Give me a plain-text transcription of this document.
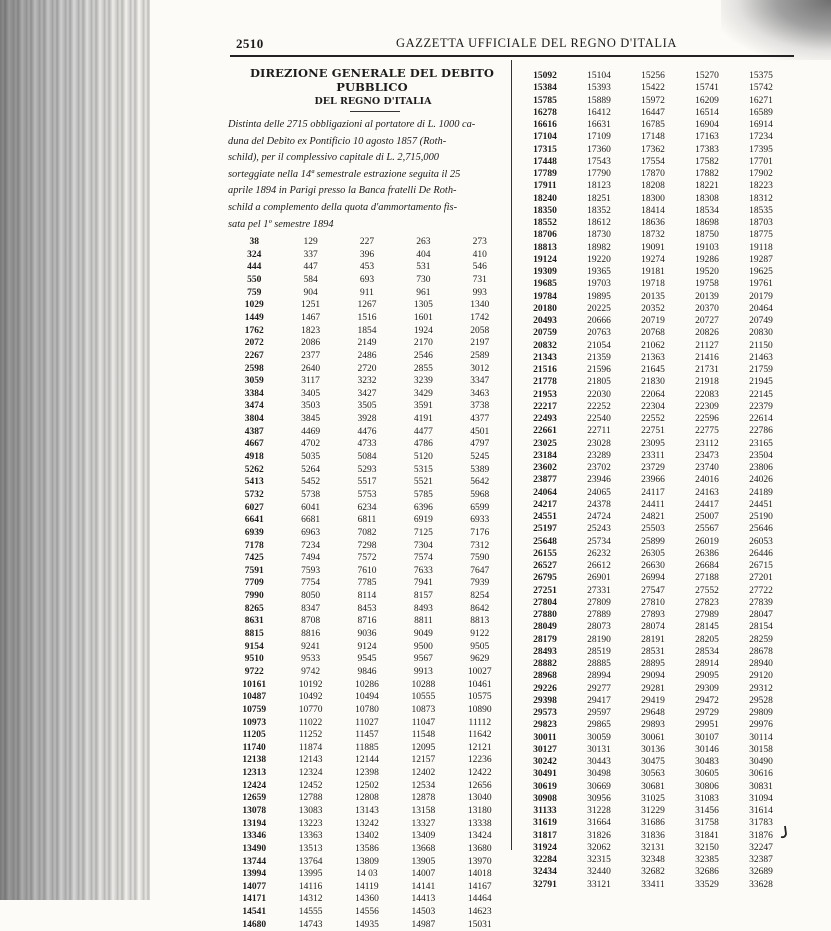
2510	GAZZETTA UFFICIALE DEL REGNO D'ITALIA
DIREZIONE GENERALE DEL DEBITO PUBBLICO
DEL REGNO D'ITALIA
Distinta delle 2715 obbligazioni al portatore di L. 1000 ca-
duna del Debito ex Pontificio 10 agosto 1857 (Roth-
schild), per il complessivo capitale di L. 2,715,000
sorteggiate nella 14ª semestrale estrazione seguita il 25
aprile 1894 in Parigi presso la Banca fratelli De Roth-
schild a complemento della quota d'ammortamento fis-
sata pel 1º semestre 1894
38	129	227	263	273
324	337	396	404	410
444	447	453	531	546
550	584	693	730	731
759	904	911	961	993
1029	1251	1267	1305	1340
1449	1467	1516	1601	1742
1762	1823	1854	1924	2058
2072	2086	2149	2170	2197
2267	2377	2486	2546	2589
2598	2640	2720	2855	3012
3059	3117	3232	3239	3347
3384	3405	3427	3429	3463
3474	3503	3505	3591	3738
3804	3845	3928	4191	4377
4387	4469	4476	4477	4501
4667	4702	4733	4786	4797
4918	5035	5084	5120	5245
5262	5264	5293	5315	5389
5413	5452	5517	5521	5642
5732	5738	5753	5785	5968
6027	6041	6234	6396	6599
6641	6681	6811	6919	6933
6939	6963	7082	7125	7176
7178	7234	7298	7304	7312
7425	7494	7572	7574	7590
7591	7593	7610	7633	7647
7709	7754	7785	7941	7939
7990	8050	8114	8157	8254
8265	8347	8453	8493	8642
8631	8708	8716	8811	8813
8815	8816	9036	9049	9122
9154	9241	9124	9500	9505
9510	9533	9545	9567	9629
9722	9742	9846	9913	10027
10161	10192	10286	10288	10461
10487	10492	10494	10555	10575
10759	10770	10780	10873	10890
10973	11022	11027	11047	11112
11205	11252	11457	11548	11642
11740	11874	11885	12095	12121
12138	12143	12144	12157	12236
12313	12324	12398	12402	12422
12424	12452	12502	12534	12656
12659	12788	12808	12878	13040
13078	13083	13143	13158	13180
13194	13223	13242	13327	13338
13346	13363	13402	13409	13424
13490	13513	13586	13668	13680
13744	13764	13809	13905	13970
13994	13995	14 03	14007	14018
14077	14116	14119	14141	14167
14171	14312	14360	14413	14464
14541	14555	14556	14503	14623
14680	14743	14935	14987	15031
15092	15104	15256	15270	15375
15384	15393	15422	15741	15742
15785	15889	15972	16209	16271
16278	16412	16447	16514	16589
16616	16631	16785	16904	16914
17104	17109	17148	17163	17234
17315	17360	17362	17383	17395
17448	17543	17554	17582	17701
17789	17790	17870	17882	17902
17911	18123	18208	18221	18223
18240	18251	18300	18308	18312
18350	18352	18414	18534	18535
18552	18612	18636	18698	18703
18706	18730	18732	18750	18775
18813	18982	19091	19103	19118
19124	19220	19274	19286	19287
19309	19365	19181	19520	19625
19685	19703	19718	19758	19761
19784	19895	20135	20139	20179
20180	20225	20352	20370	20464
20493	20666	20719	20727	20749
20759	20763	20768	20826	20830
20832	21054	21062	21127	21150
21343	21359	21363	21416	21463
21516	21596	21645	21731	21759
21778	21805	21830	21918	21945
21953	22030	22064	22083	22145
22217	22252	22304	22309	22379
22493	22540	22552	22596	22614
22661	22711	22751	22775	22786
23025	23028	23095	23112	23165
23184	23289	23311	23473	23504
23602	23702	23729	23740	23806
23877	23946	23966	24016	24026
24064	24065	24117	24163	24189
24217	24378	24411	24417	24451
24551	24724	24821	25007	25190
25197	25243	25503	25567	25646
25648	25734	25899	26019	26053
26155	26232	26305	26386	26446
26527	26612	26630	26684	26715
26795	26901	26994	27188	27201
27251	27331	27547	27552	27722
27804	27809	27810	27823	27839
27880	27889	27893	27989	28047
28049	28073	28074	28145	28154
28179	28190	28191	28205	28259
28493	28519	28531	28534	28678
28882	28885	28895	28914	28940
28968	28994	29094	29095	29120
29226	29277	29281	29309	29312
29398	29417	29419	29472	29528
29573	29597	29648	29729	29809
29823	29865	29893	29951	29976
30011	30059	30061	30107	30114
30127	30131	30136	30146	30158
30242	30443	30475	30483	30490
30491	30498	30563	30605	30616
30619	30669	30681	30806	30831
30908	30956	31025	31083	31094
31133	31228	31229	31456	31614
31619	31664	31686	31758	31783
31817	31826	31836	31841	31876
31924	32062	32131	32150	32247
32284	32315	32348	32385	32387
32434	32440	32682	32686	32689
32791	33121	33411	33529	33628
